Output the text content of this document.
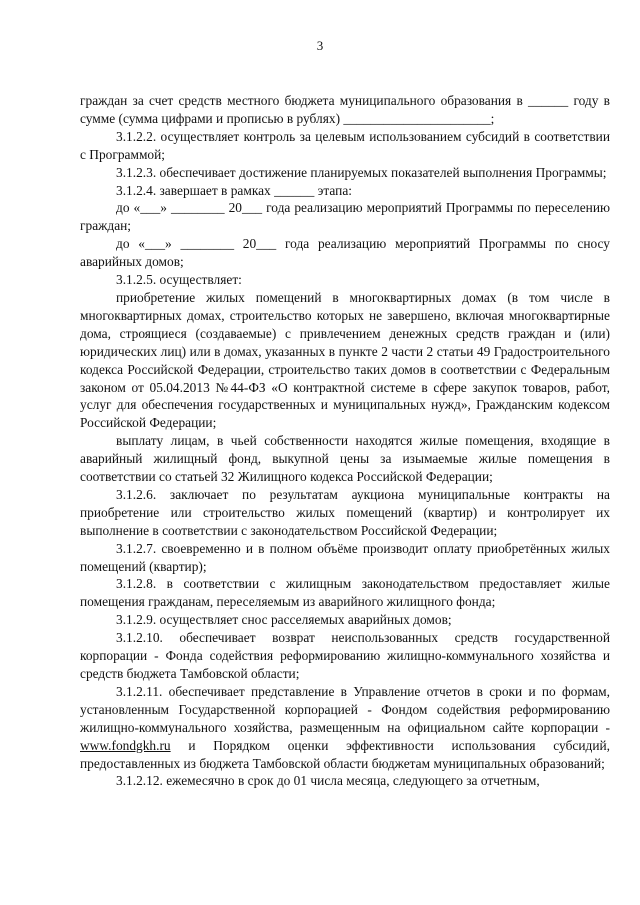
3

граждан за счет средств местного бюджета муниципального образования в ______ году в сумме (сумма цифрами и прописью в рублях) ______________________;

3.1.2.2. осуществляет контроль за целевым использованием субсидий в соответствии с Программой;

3.1.2.3. обеспечивает достижение планируемых показателей выполнения Программы;

3.1.2.4. завершает в рамках ______ этапа:

до «___» ________ 20___ года реализацию мероприятий Программы по переселению граждан;

до «___» ________ 20___ года реализацию мероприятий Программы по сносу аварийных домов;

3.1.2.5. осуществляет:

приобретение жилых помещений в многоквартирных домах (в том числе в многоквартирных домах, строительство которых не завершено, включая многоквартирные дома, строящиеся (создаваемые) с привлечением денежных средств граждан и (или) юридических лиц) или в домах, указанных в пункте 2 части 2 статьи 49 Градостроительного кодекса Российской Федерации, строительство таких домов в соответствии с Федеральным законом от 05.04.2013 №44-ФЗ «О контрактной системе в сфере закупок товаров, работ, услуг для обеспечения государственных и муниципальных нужд», Гражданским кодексом Российской Федерации;

выплату лицам, в чьей собственности находятся жилые помещения, входящие в аварийный жилищный фонд, выкупной цены за изымаемые жилые помещения в соответствии со статьей 32 Жилищного кодекса Российской Федерации;

3.1.2.6. заключает по результатам аукциона муниципальные контракты на приобретение или строительство жилых помещений (квартир) и контролирует их выполнение в соответствии с законодательством Российской Федерации;

3.1.2.7. своевременно и в полном объёме производит оплату приобретённых жилых помещений (квартир);

3.1.2.8. в соответствии с жилищным законодательством предоставляет жилые помещения гражданам, переселяемым из аварийного жилищного фонда;

3.1.2.9. осуществляет снос расселяемых аварийных домов;

3.1.2.10. обеспечивает возврат неиспользованных средств государственной корпорации - Фонда содействия реформированию жилищно-коммунального хозяйства и средств бюджета Тамбовской области;

3.1.2.11. обеспечивает представление в Управление отчетов в сроки и по формам, установленным Государственной корпорацией - Фондом содействия реформированию жилищно-коммунального хозяйства, размещенным на официальном сайте корпорации - www.fondgkh.ru и Порядком оценки эффективности использования субсидий, предоставленных из бюджета Тамбовской области бюджетам муниципальных образований;

3.1.2.12. ежемесячно в срок до 01 числа месяца, следующего за отчетным,
